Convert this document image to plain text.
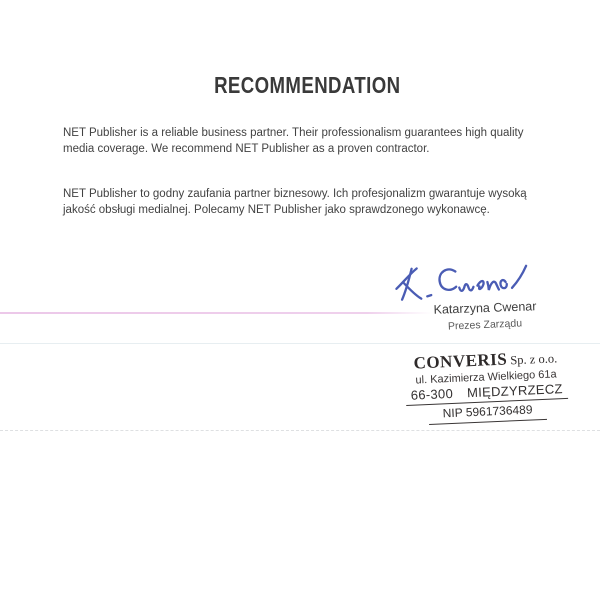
RECOMMENDATION
NET Publisher is a reliable business partner. Their professionalism guarantees high quality media coverage. We recommend NET Publisher as a proven contractor.
NET Publisher to godny zaufania partner biznesowy. Ich profesjonalizm gwarantuje wysoką jakość obsługi medialnej. Polecamy NET Publisher jako sprawdzonego wykonawcę.
Katarzyna Cwenar
Prezes Zarządu
CONVERIS Sp. z o.o.
ul. Kazimierza Wielkiego 61a
66-300 MIĘDZYRZECZ
NIP 5961736489
